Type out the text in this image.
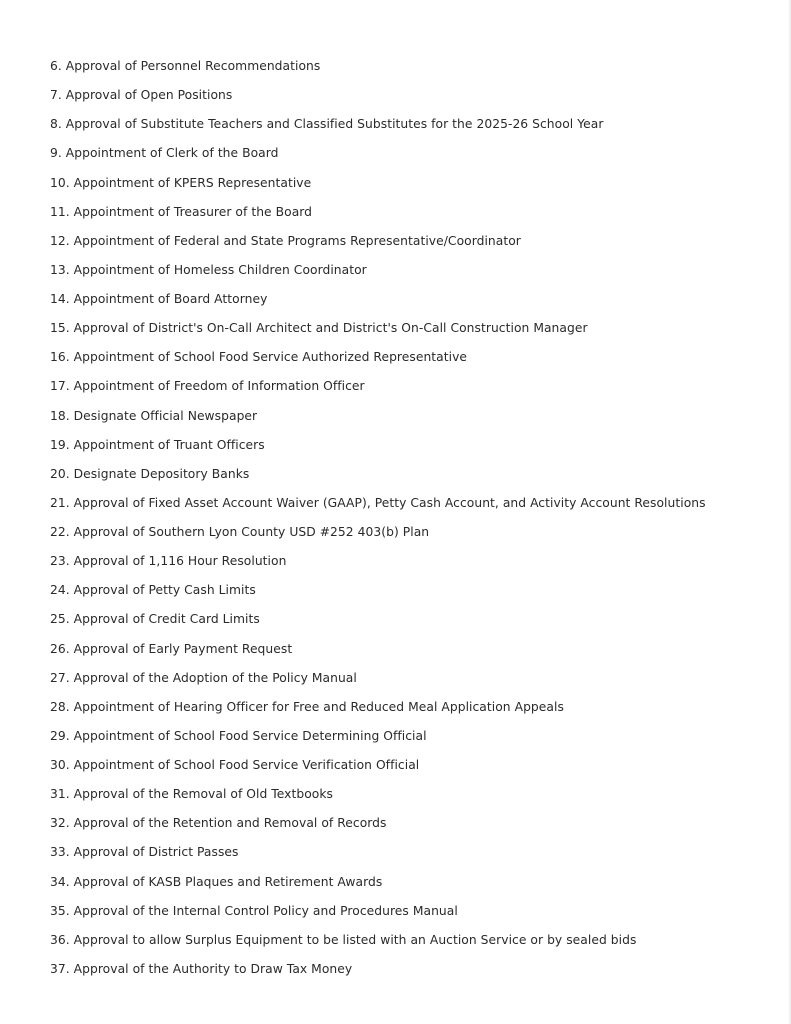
6. Approval of Personnel Recommendations
7. Approval of Open Positions
8. Approval of Substitute Teachers and Classified Substitutes for the 2025-26 School Year
9. Appointment of Clerk of the Board
10. Appointment of KPERS Representative
11. Appointment of Treasurer of the Board
12. Appointment of Federal and State Programs Representative/Coordinator
13. Appointment of Homeless Children Coordinator
14. Appointment of Board Attorney
15. Approval of District's On-Call Architect and District's On-Call Construction Manager
16. Appointment of School Food Service Authorized Representative
17. Appointment of Freedom of Information Officer
18. Designate Official Newspaper
19. Appointment of Truant Officers
20. Designate Depository Banks
21. Approval of Fixed Asset Account Waiver (GAAP), Petty Cash Account, and Activity Account Resolutions
22. Approval of Southern Lyon County USD #252 403(b) Plan
23. Approval of 1,116 Hour Resolution
24. Approval of Petty Cash Limits
25. Approval of Credit Card Limits
26. Approval of Early Payment Request
27. Approval of the Adoption of the Policy Manual
28. Appointment of Hearing Officer for Free and Reduced Meal Application Appeals
29. Appointment of School Food Service Determining Official
30. Appointment of School Food Service Verification Official
31. Approval of the Removal of Old Textbooks
32. Approval of the Retention and Removal of Records
33. Approval of District Passes
34. Approval of KASB Plaques and Retirement Awards
35. Approval of the Internal Control Policy and Procedures Manual
36. Approval to allow Surplus Equipment to be listed with an Auction Service or by sealed bids
37. Approval of the Authority to Draw Tax Money
